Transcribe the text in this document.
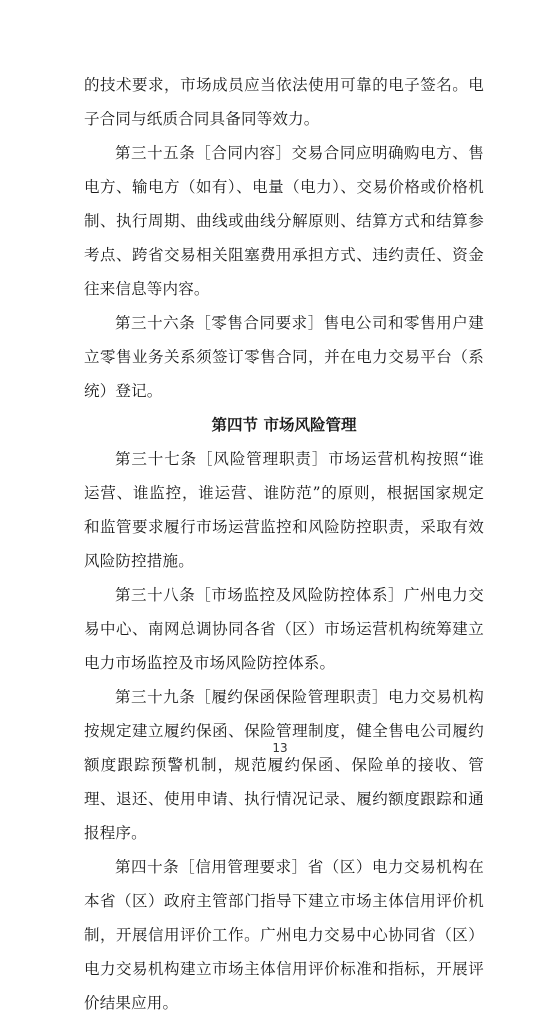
的技术要求，市场成员应当依法使用可靠的电子签名。电子合同与纸质合同具备同等效力。

第三十五条［合同内容］交易合同应明确购电方、售电方、输电方（如有）、电量（电力）、交易价格或价格机制、执行周期、曲线或曲线分解原则、结算方式和结算参考点、跨省交易相关阻塞费用承担方式、违约责任、资金往来信息等内容。

第三十六条［零售合同要求］售电公司和零售用户建立零售业务关系须签订零售合同，并在电力交易平台（系统）登记。

第四节 市场风险管理

第三十七条［风险管理职责］市场运营机构按照“谁运营、谁监控，谁运营、谁防范”的原则，根据国家规定和监管要求履行市场运营监控和风险防控职责，采取有效风险防控措施。

第三十八条［市场监控及风险防控体系］广州电力交易中心、南网总调协同各省（区）市场运营机构统筹建立电力市场监控及市场风险防控体系。

第三十九条［履约保函保险管理职责］电力交易机构按规定建立履约保函、保险管理制度，健全售电公司履约额度跟踪预警机制，规范履约保函、保险单的接收、管理、退还、使用申请、执行情况记录、履约额度跟踪和通报程序。

第四十条［信用管理要求］省（区）电力交易机构在本省（区）政府主管部门指导下建立市场主体信用评价机制，开展信用评价工作。广州电力交易中心协同省（区）电力交易机构建立市场主体信用评价标准和指标，开展评价结果应用。

13
